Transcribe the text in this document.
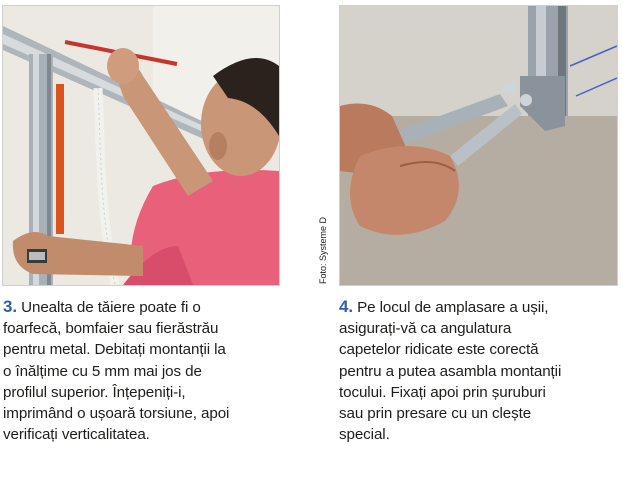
Foto: Systeme D
3. Unealta de tăiere poate fi o
foarfecă, bomfaier sau fierăstrău
pentru metal. Debitați montanții la
o înălțime cu 5 mm mai jos de
profilul superior. Înțepeniți-i,
imprimând o ușoară torsiune, apoi
verificați verticalitatea.
4. Pe locul de amplasare a ușii,
asigurați-vă ca angulatura
capetelor ridicate este corectă
pentru a putea asambla montanții
tocului. Fixați apoi prin șuruburi
sau prin presare cu un clește
special.
